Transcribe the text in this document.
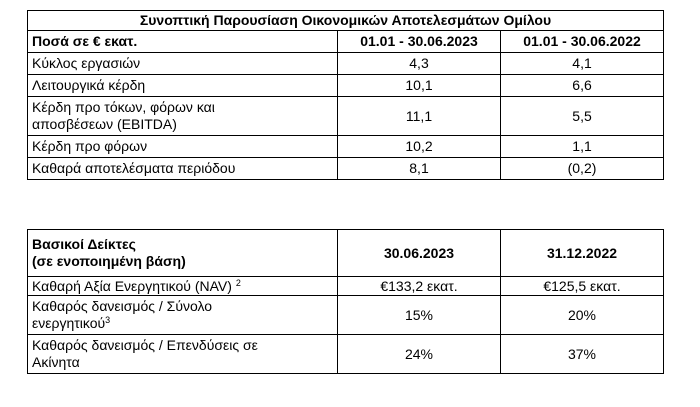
Συνοπτική Παρουσίαση Οικονομικών Αποτελεσμάτων Ομίλου		
Ποσά σε € εκατ.	01.01 - 30.06.2023	01.01 - 30.06.2022
Κύκλος εργασιών	4,3	4,1
Λειτουργικά κέρδη	10,1	6,6
Κέρδη προ τόκων, φόρων και
αποσβέσεων (EBITDA)	11,1	5,5
Κέρδη προ φόρων	10,2	1,1
Καθαρά αποτελέσματα περιόδου	8,1	(0,2)
Βασικοί Δείκτες
(σε ενοποιημένη βάση)	30.06.2023	31.12.2022
Καθαρή Αξία Ενεργητικού (NAV) $^2$	€133,2 εκατ.	€125,5 εκατ.
Καθαρός δανεισμός / Σύνολο
ενεργητικού$^3$	15%	20%
Καθαρός δανεισμός / Επενδύσεις σε
Ακίνητα	24%	37%
